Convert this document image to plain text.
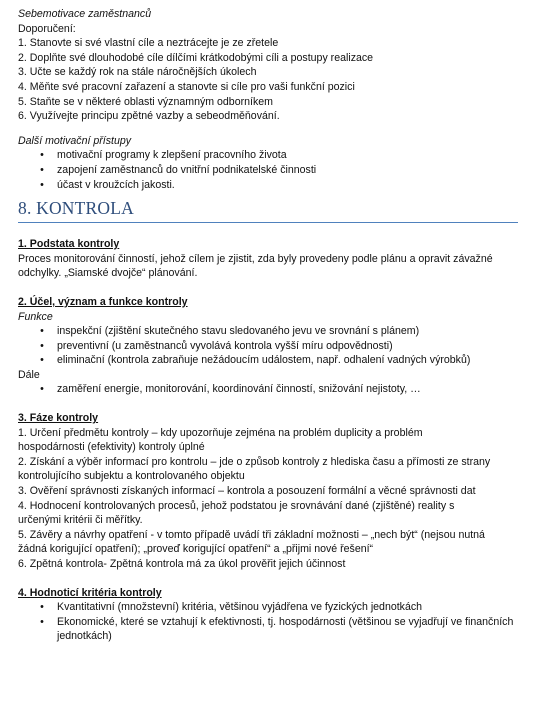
Sebemotivace zaměstnanců
Doporučení:
1. Stanovte si své vlastní cíle a neztrácejte je ze zřetele
2. Doplňte své dlouhodobé cíle dílčími krátkodobými cíli a postupy realizace
3. Učte se každý rok na stále náročnějších úkolech
4. Měňte své pracovní zařazení a stanovte si cíle pro vaši funkční pozici
5. Staňte se v některé oblasti významným odborníkem
6. Využívejte principu zpětné vazby a sebeodměňování.
Další motivační přístupy
• motivační programy k zlepšení pracovního života
• zapojení zaměstnanců do vnitřní podnikatelské činnosti
• účast v kroužcích jakosti.
8. KONTROLA
1. Podstata kontroly
Proces monitorování činností, jehož cílem je zjistit, zda byly provedeny podle plánu a opravit závažné
odchylky. „Siamské dvojče“ plánování.
2. Účel, význam a funkce kontroly
Funkce
• inspekční (zjištění skutečného stavu sledovaného jevu ve srovnání s plánem)
• preventivní (u zaměstnanců vyvolává kontrola vyšší míru odpovědnosti)
• eliminační (kontrola zabraňuje nežádoucím událostem, např. odhalení vadných výrobků)
Dále
• zaměření energie, monitorování, koordinování činností, snižování nejistoty, …
3. Fáze kontroly
1. Určení předmětu kontroly – kdy upozorňuje zejména na problém duplicity a problém
hospodárnosti (efektivity) kontroly úplné
2. Získání a výběr informací pro kontrolu – jde o způsob kontroly z hlediska času a přímosti ze strany
kontrolujícího subjektu a kontrolovaného objektu
3. Ověření správnosti získaných informací – kontrola a posouzení formální a věcné správnosti dat
4. Hodnocení kontrolovaných procesů, jehož podstatou je srovnávání dané (zjištěné) reality s
určenými kritérii či měřítky.
5. Závěry a návrhy opatření - v tomto případě uvádí tři základní možnosti – „nech být“ (nejsou nutná
žádná korigující opatření); „proveď korigující opatření“ a „přijmi nové řešení“
6. Zpětná kontrola- Zpětná kontrola má za úkol prověřit jejich účinnost
4. Hodnoticí kritéria kontroly
• Kvantitativní (množstevní) kritéria, většinou vyjádřena ve fyzických jednotkách
• Ekonomické, které se vztahují k efektivnosti, tj. hospodárnosti (většinou se vyjadřují ve finančních jednotkách)
